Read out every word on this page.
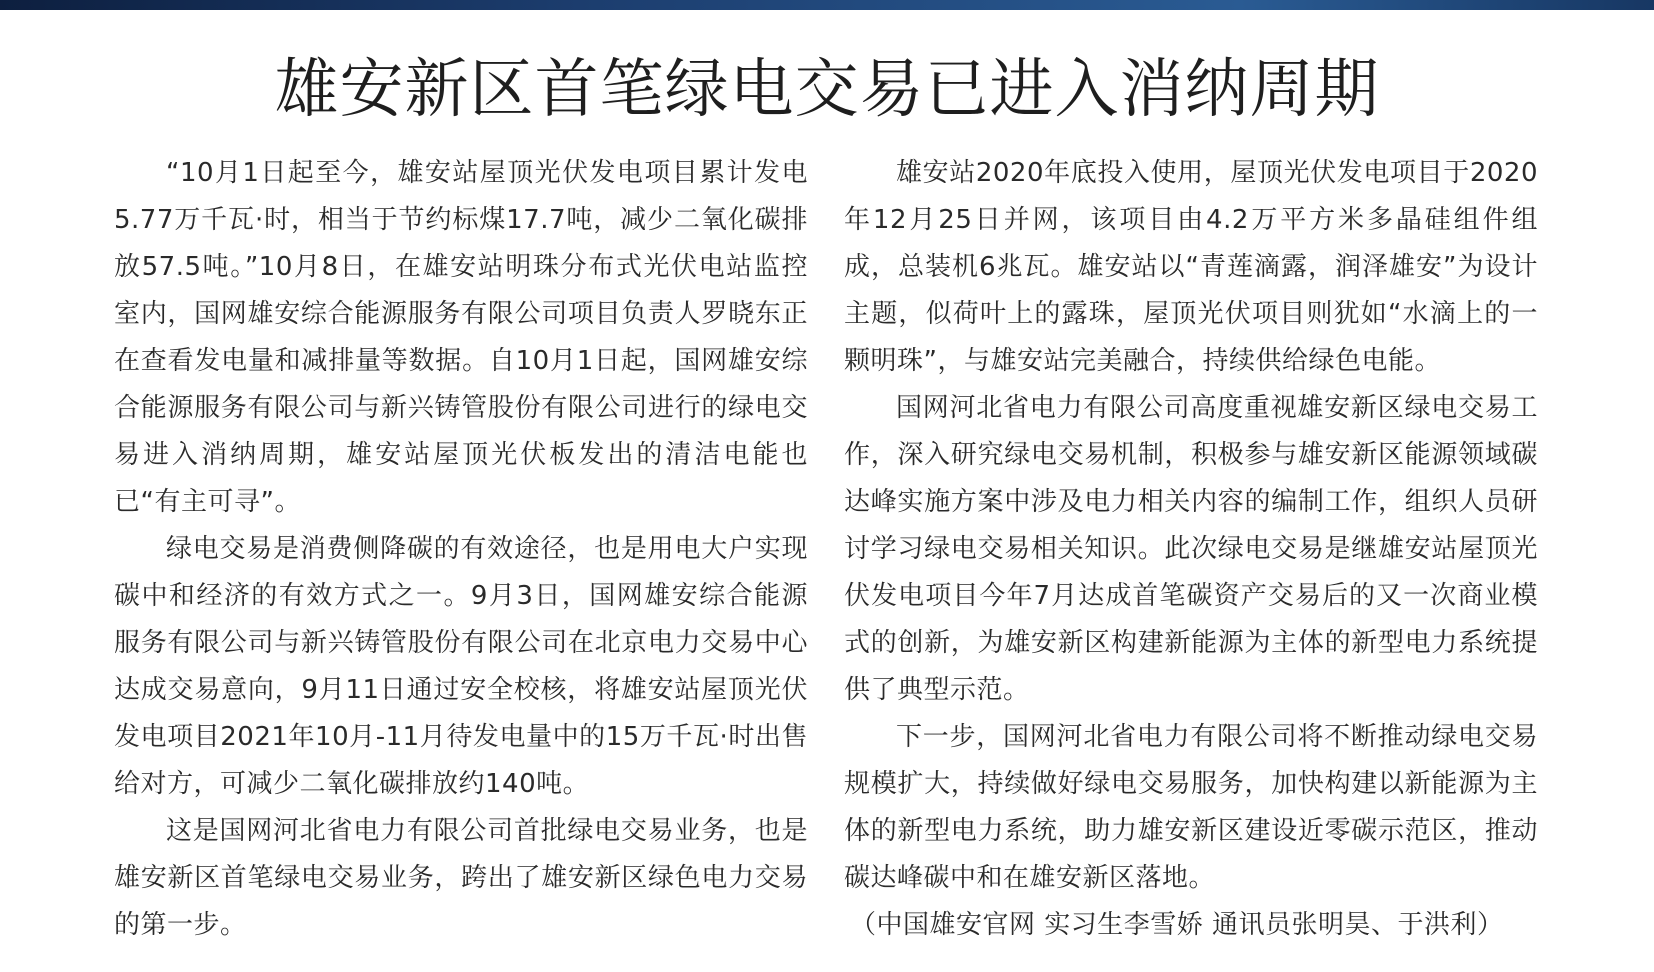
雄安新区首笔绿电交易已进入消纳周期

“10月1日起至今，雄安站屋顶光伏发电项目累计发电5.77万千瓦·时，相当于节约标煤17.7吨，减少二氧化碳排放57.5吨。”10月8日，在雄安站明珠分布式光伏电站监控室内，国网雄安综合能源服务有限公司项目负责人罗晓东正在查看发电量和减排量等数据。自10月1日起，国网雄安综合能源服务有限公司与新兴铸管股份有限公司进行的绿电交易进入消纳周期，雄安站屋顶光伏板发出的清洁电能也已“有主可寻”。

绿电交易是消费侧降碳的有效途径，也是用电大户实现碳中和经济的有效方式之一。9月3日，国网雄安综合能源服务有限公司与新兴铸管股份有限公司在北京电力交易中心达成交易意向，9月11日通过安全校核，将雄安站屋顶光伏发电项目2021年10月-11月待发电量中的15万千瓦·时出售给对方，可减少二氧化碳排放约140吨。

这是国网河北省电力有限公司首批绿电交易业务，也是雄安新区首笔绿电交易业务，跨出了雄安新区绿色电力交易的第一步。

雄安站2020年底投入使用，屋顶光伏发电项目于2020年12月25日并网，该项目由4.2万平方米多晶硅组件组成，总装机6兆瓦。雄安站以“青莲滴露，润泽雄安”为设计主题，似荷叶上的露珠，屋顶光伏项目则犹如“水滴上的一颗明珠”，与雄安站完美融合，持续供给绿色电能。

国网河北省电力有限公司高度重视雄安新区绿电交易工作，深入研究绿电交易机制，积极参与雄安新区能源领域碳达峰实施方案中涉及电力相关内容的编制工作，组织人员研讨学习绿电交易相关知识。此次绿电交易是继雄安站屋顶光伏发电项目今年7月达成首笔碳资产交易后的又一次商业模式的创新，为雄安新区构建新能源为主体的新型电力系统提供了典型示范。

下一步，国网河北省电力有限公司将不断推动绿电交易规模扩大，持续做好绿电交易服务，加快构建以新能源为主体的新型电力系统，助力雄安新区建设近零碳示范区，推动碳达峰碳中和在雄安新区落地。

（中国雄安官网 实习生李雪娇 通讯员张明昊、于洪利）
